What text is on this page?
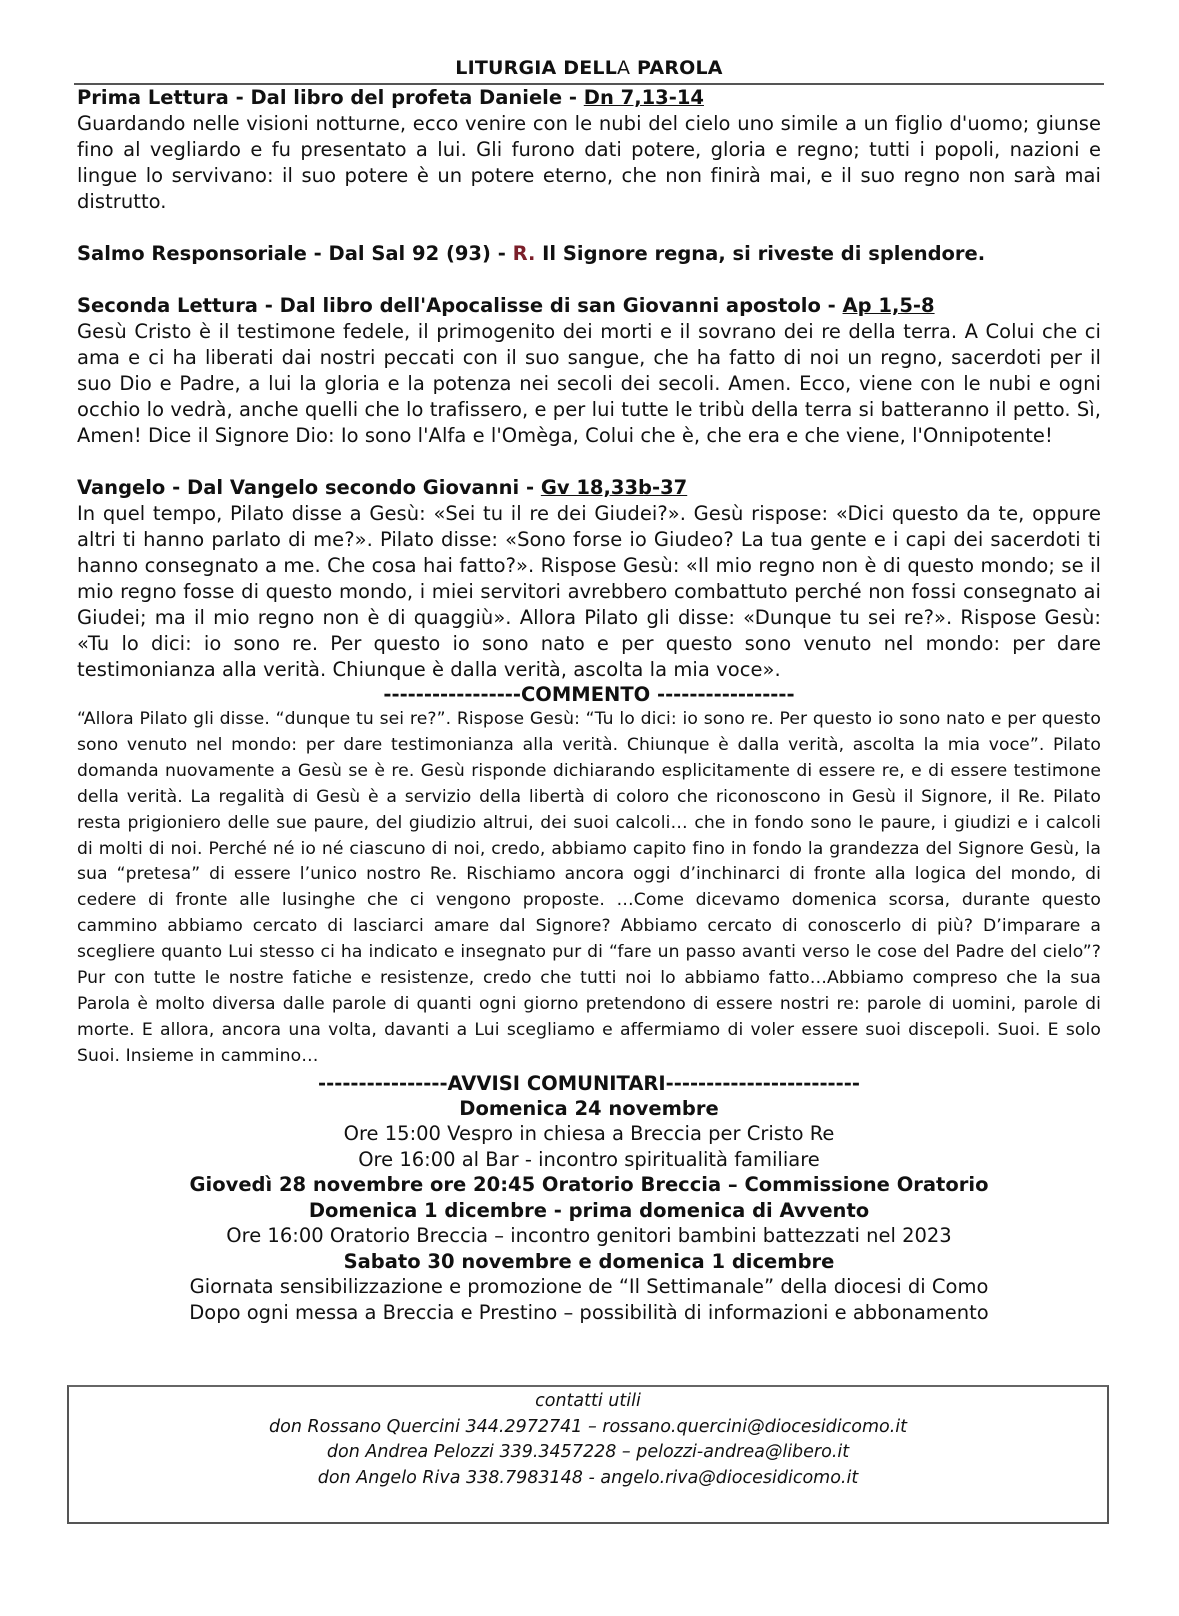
LITURGIA DELLA PAROLA

Prima Lettura - Dal libro del profeta Daniele - Dn 7,13-14

Guardando nelle visioni notturne, ecco venire con le nubi del cielo uno simile a un figlio d'uomo; giunse fino al vegliardo e fu presentato a lui. Gli furono dati potere, gloria e regno; tutti i popoli, nazioni e lingue lo servivano: il suo potere è un potere eterno, che non finirà mai, e il suo regno non sarà mai distrutto.

Salmo Responsoriale - Dal Sal 92 (93) - R. Il Signore regna, si riveste di splendore.

Seconda Lettura - Dal libro dell'Apocalisse di san Giovanni apostolo - Ap 1,5-8

Gesù Cristo è il testimone fedele, il primogenito dei morti e il sovrano dei re della terra. A Colui che ci ama e ci ha liberati dai nostri peccati con il suo sangue, che ha fatto di noi un regno, sacerdoti per il suo Dio e Padre, a lui la gloria e la potenza nei secoli dei secoli. Amen. Ecco, viene con le nubi e ogni occhio lo vedrà, anche quelli che lo trafissero, e per lui tutte le tribù della terra si batteranno il petto. Sì, Amen! Dice il Signore Dio: Io sono l'Alfa e l'Omèga, Colui che è, che era e che viene, l'Onnipotente!

Vangelo - Dal Vangelo secondo Giovanni - Gv 18,33b-37

In quel tempo, Pilato disse a Gesù: «Sei tu il re dei Giudei?». Gesù rispose: «Dici questo da te, oppure altri ti hanno parlato di me?». Pilato disse: «Sono forse io Giudeo? La tua gente e i capi dei sacerdoti ti hanno consegnato a me. Che cosa hai fatto?». Rispose Gesù: «Il mio regno non è di questo mondo; se il mio regno fosse di questo mondo, i miei servitori avrebbero combattuto perché non fossi consegnato ai Giudei; ma il mio regno non è di quaggiù». Allora Pilato gli disse: «Dunque tu sei re?». Rispose Gesù: «Tu lo dici: io sono re. Per questo io sono nato e per questo sono venuto nel mondo: per dare testimonianza alla verità. Chiunque è dalla verità, ascolta la mia voce».

-----------------COMMENTO -----------------

“Allora Pilato gli disse. “dunque tu sei re?”. Rispose Gesù: “Tu lo dici: io sono re. Per questo io sono nato e per questo sono venuto nel mondo: per dare testimonianza alla verità. Chiunque è dalla verità, ascolta la mia voce”. Pilato domanda nuovamente a Gesù se è re. Gesù risponde dichiarando esplicitamente di essere re, e di essere testimone della verità. La regalità di Gesù è a servizio della libertà di coloro che riconoscono in Gesù il Signore, il Re. Pilato resta prigioniero delle sue paure, del giudizio altrui, dei suoi calcoli… che in fondo sono le paure, i giudizi e i calcoli di molti di noi. Perché né io né ciascuno di noi, credo, abbiamo capito fino in fondo la grandezza del Signore Gesù, la sua “pretesa” di essere l’unico nostro Re. Rischiamo ancora oggi d’inchinarci di fronte alla logica del mondo, di cedere di fronte alle lusinghe che ci vengono proposte. …Come dicevamo domenica scorsa, durante questo cammino abbiamo cercato di lasciarci amare dal Signore? Abbiamo cercato di conoscerlo di più? D’imparare a scegliere quanto Lui stesso ci ha indicato e insegnato pur di “fare un passo avanti verso le cose del Padre del cielo”? Pur con tutte le nostre fatiche e resistenze, credo che tutti noi lo abbiamo fatto…Abbiamo compreso che la sua Parola è molto diversa dalle parole di quanti ogni giorno pretendono di essere nostri re: parole di uomini, parole di morte. E allora, ancora una volta, davanti a Lui scegliamo e affermiamo di voler essere suoi discepoli. Suoi. E solo Suoi. Insieme in cammino…

----------------AVVISI COMUNITARI------------------------

Domenica 24 novembre

Ore 15:00 Vespro in chiesa a Breccia per Cristo Re

Ore 16:00 al Bar - incontro spiritualità familiare

Giovedì 28 novembre ore 20:45 Oratorio Breccia – Commissione Oratorio

Domenica 1 dicembre - prima domenica di Avvento

Ore 16:00 Oratorio Breccia – incontro genitori bambini battezzati nel 2023

Sabato 30 novembre e domenica 1 dicembre

Giornata sensibilizzazione e promozione de “Il Settimanale” della diocesi di Como

Dopo ogni messa a Breccia e Prestino – possibilità di informazioni e abbonamento

contatti utili

don Rossano Quercini 344.2972741 – rossano.quercini@diocesidicomo.it

don Andrea Pelozzi 339.3457228 – pelozzi-andrea@libero.it

don Angelo Riva 338.7983148 - angelo.riva@diocesidicomo.it
